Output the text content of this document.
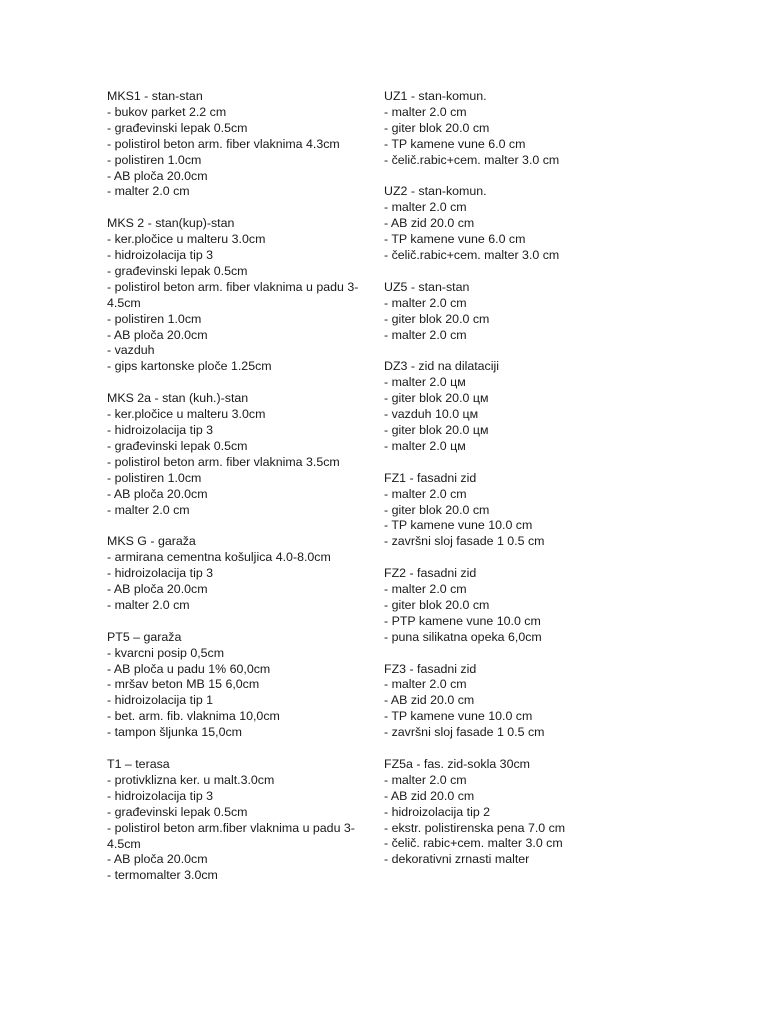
MKS1 - stan-stan
- bukov parket 2.2 cm
- građevinski lepak 0.5cm
- polistirol beton arm. fiber vlaknima 4.3cm
- polistiren 1.0cm
- AB ploča 20.0cm
- malter 2.0 cm
MKS 2 - stan(kup)-stan
- ker.pločice u malteru 3.0cm
- hidroizolacija tip 3
- građevinski lepak 0.5cm
- polistirol beton arm. fiber vlaknima u padu 3-4.5cm
- polistiren 1.0cm
- AB ploča 20.0cm
- vazduh
- gips kartonske ploče 1.25cm
MKS 2a - stan (kuh.)-stan
- ker.pločice u malteru 3.0cm
- hidroizolacija tip 3
- građevinski lepak 0.5cm
- polistirol beton arm. fiber vlaknima 3.5cm
- polistiren 1.0cm
- AB ploča 20.0cm
- malter 2.0 cm
MKS G - garaža
- armirana cementna košuljica 4.0-8.0cm
- hidroizolacija tip 3
- AB ploča 20.0cm
- malter 2.0 cm
PT5 – garaža
- kvarcni posip 0,5cm
- AB ploča u padu 1% 60,0cm
- mršav beton MB 15 6,0cm
- hidroizolacija tip 1
- bet. arm. fib. vlaknima 10,0cm
- tampon šljunka 15,0cm
T1 – terasa
- protivklizna ker. u malt.3.0cm
- hidroizolacija tip 3
- građevinski lepak 0.5cm
- polistirol beton arm.fiber vlaknima u padu 3-4.5cm
- AB ploča 20.0cm
- termomalter 3.0cm
UZ1 - stan-komun.
- malter 2.0 cm
- giter blok 20.0 cm
- TP kamene vune 6.0 cm
- čelič.rabic+cem. malter 3.0 cm
UZ2 - stan-komun.
- malter 2.0 cm
- AB zid 20.0 cm
- TP kamene vune 6.0 cm
- čelič.rabic+cem. malter 3.0 cm
UZ5 - stan-stan
- malter 2.0 cm
- giter blok 20.0 cm
- malter 2.0 cm
DZ3 - zid na dilataciji
- malter 2.0 цм
- giter blok 20.0 цм
- vazduh 10.0 цм
- giter blok 20.0 цм
- malter 2.0 цм
FZ1 - fasadni zid
- malter 2.0 cm
- giter blok 20.0 cm
- TP kamene vune 10.0 cm
- završni sloj fasade 1 0.5 cm
FZ2 - fasadni zid
- malter 2.0 cm
- giter blok 20.0 cm
- PTP kamene vune 10.0 cm
- puna silikatna opeka 6,0cm
FZ3 - fasadni zid
- malter 2.0 cm
- AB zid 20.0 cm
- TP kamene vune 10.0 cm
- završni sloj fasade 1 0.5 cm
FZ5a - fas. zid-sokla 30cm
- malter 2.0 cm
- AB zid 20.0 cm
- hidroizolacija tip 2
- ekstr. polistirenska pena 7.0 cm
- čelič. rabic+cem. malter 3.0 cm
- dekorativni zrnasti malter
